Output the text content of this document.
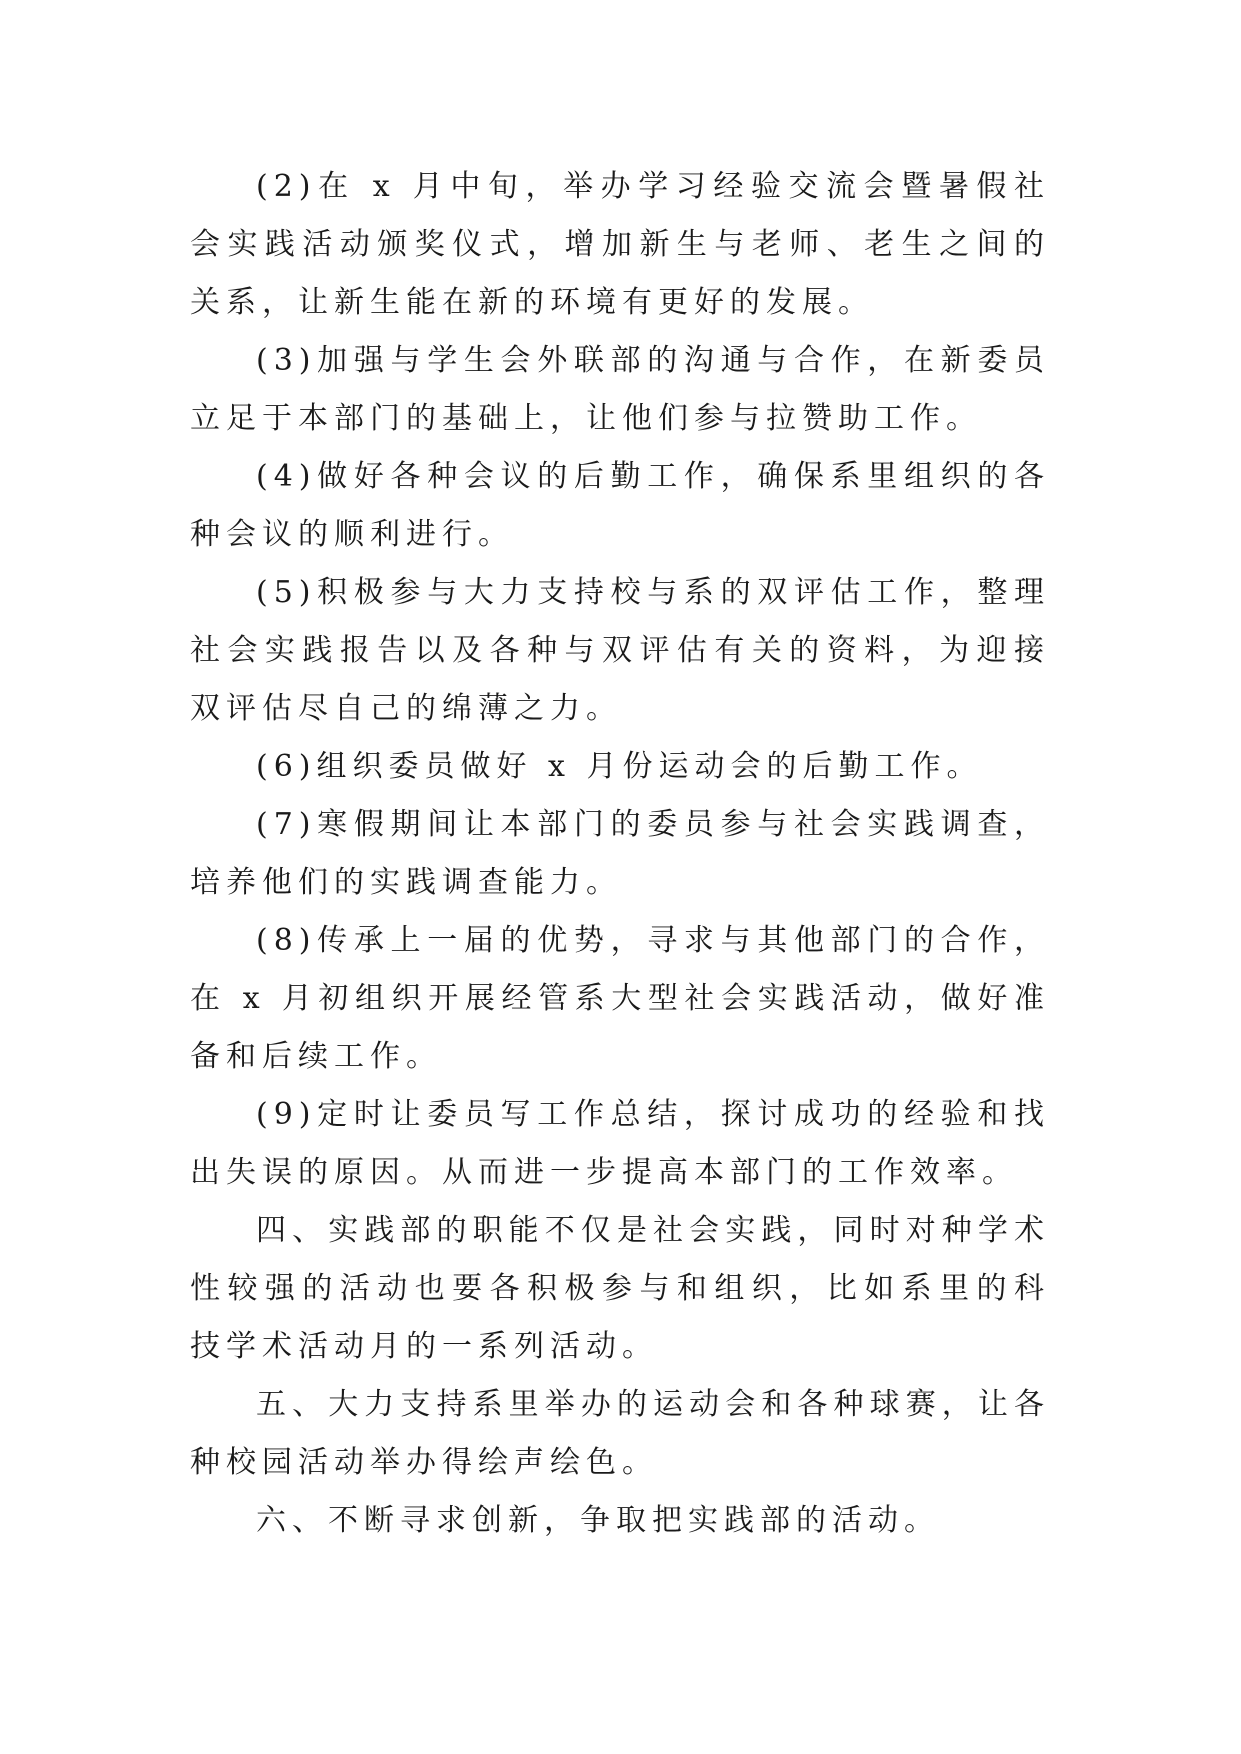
(2)在 x 月中旬，举办学习经验交流会暨暑假社会实践活动颁奖仪式，增加新生与老师、老生之间的关系，让新生能在新的环境有更好的发展。

(3)加强与学生会外联部的沟通与合作，在新委员立足于本部门的基础上，让他们参与拉赞助工作。

(4)做好各种会议的后勤工作，确保系里组织的各种会议的顺利进行。

(5)积极参与大力支持校与系的双评估工作，整理社会实践报告以及各种与双评估有关的资料，为迎接双评估尽自己的绵薄之力。

(6)组织委员做好 x 月份运动会的后勤工作。

(7)寒假期间让本部门的委员参与社会实践调查，培养他们的实践调查能力。

(8)传承上一届的优势，寻求与其他部门的合作，在 x 月初组织开展经管系大型社会实践活动，做好准备和后续工作。

(9)定时让委员写工作总结，探讨成功的经验和找出失误的原因。从而进一步提高本部门的工作效率。

四、实践部的职能不仅是社会实践，同时对种学术性较强的活动也要各积极参与和组织，比如系里的科技学术活动月的一系列活动。

五、大力支持系里举办的运动会和各种球赛，让各种校园活动举办得绘声绘色。

六、不断寻求创新，争取把实践部的活动。
